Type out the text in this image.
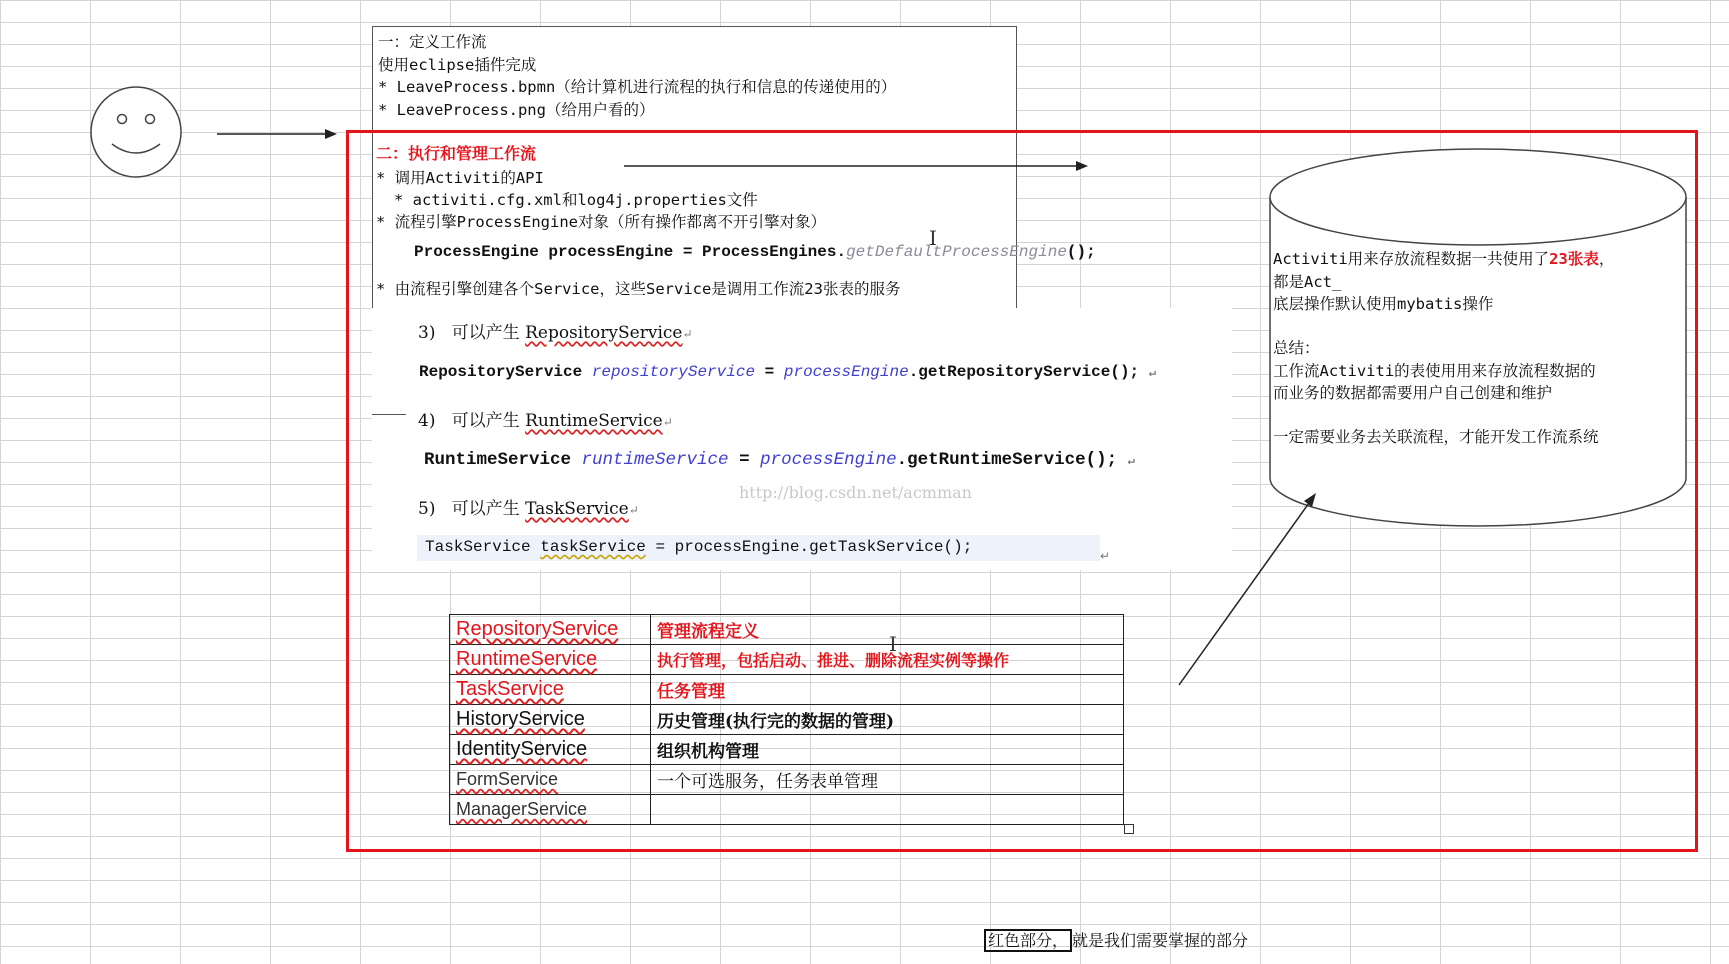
一：定义工作流
使用eclipse插件完成
* LeaveProcess.bpmn（给计算机进行流程的执行和信息的传递使用的）
* LeaveProcess.png（给用户看的）
二：执行和管理工作流
* 调用Activiti的API
* activiti.cfg.xml和log4j.properties文件
* 流程引擎ProcessEngine对象（所有操作都离不开引擎对象）
ProcessEngine processEngine = ProcessEngines.getDefaultProcessEngine();
* 由流程引擎创建各个Service，这些Service是调用工作流23张表的服务
I
3) 可以产生 RepositoryService↵
RepositoryService repositoryService = processEngine.getRepositoryService(); ↵
4) 可以产生 RuntimeService↵
RuntimeService runtimeService = processEngine.getRuntimeService(); ↵
http://blog.csdn.net/acmman
5) 可以产生 TaskService↵
TaskService taskService = processEngine.getTaskService();	↵
RepositoryService	管理流程定义
RuntimeService	执行管理，包括启动、推进、删除流程实例等操作
TaskService	任务管理
HistoryService	历史管理(执行完的数据的管理)
IdentityService	组织机构管理
FormService	一个可选服务，任务表单管理
ManagerService	
I
Activiti用来存放流程数据一共使用了23张表，
都是Act_
底层操作默认使用mybatis操作
总结：
工作流Activiti的表使用用来存放流程数据的
而业务的数据都需要用户自己创建和维护
一定需要业务去关联流程，才能开发工作流系统
红色部分， 就是我们需要掌握的部分
